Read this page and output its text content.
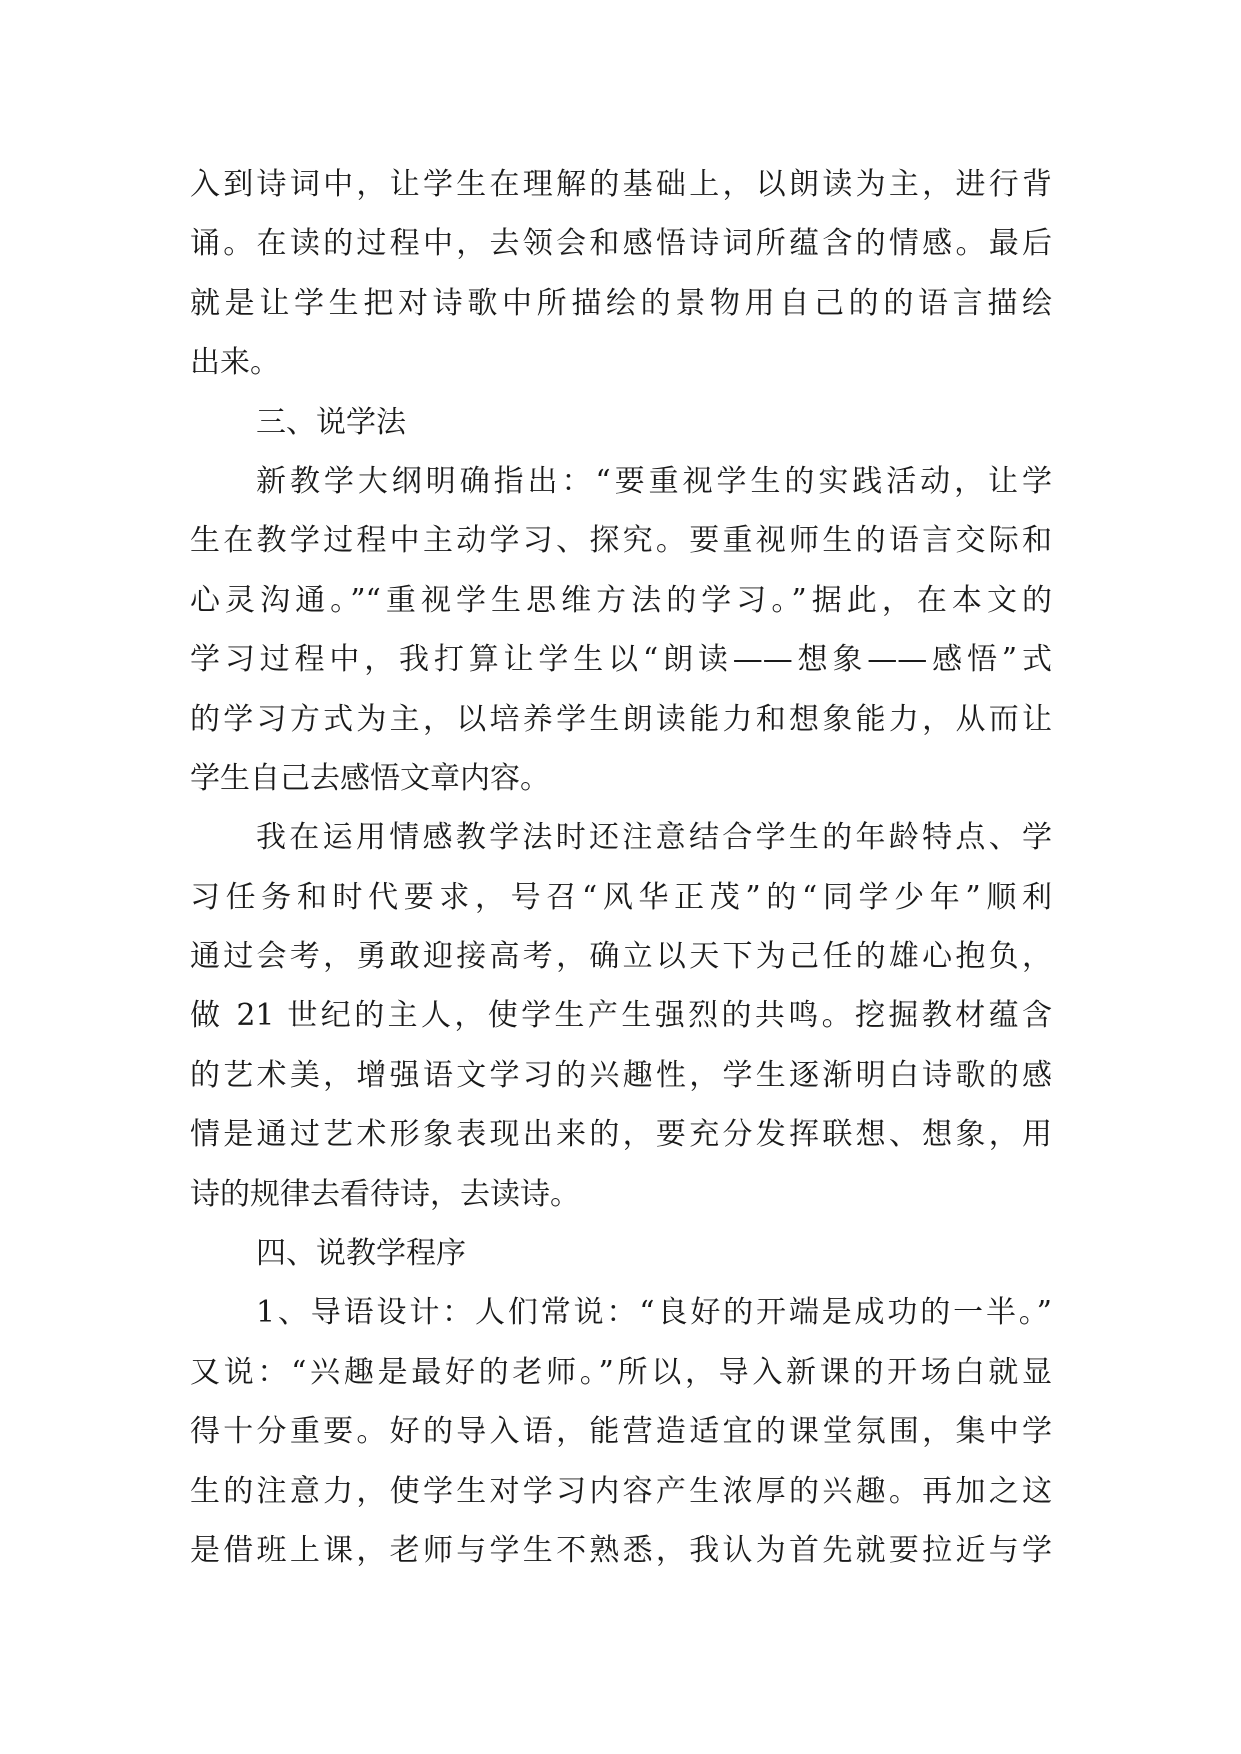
入到诗词中，让学生在理解的基础上，以朗读为主，进行背
诵。在读的过程中，去领会和感悟诗词所蕴含的情感。最后
就是让学生把对诗歌中所描绘的景物用自己的的语言描绘
出来。
三、说学法
新教学大纲明确指出：“要重视学生的实践活动，让学
生在教学过程中主动学习、探究。要重视师生的语言交际和
心灵沟通。”“重视学生思维方法的学习。”据此，在本文的
学习过程中，我打算让学生以“朗读——想象——感悟”式
的学习方式为主，以培养学生朗读能力和想象能力，从而让
学生自己去感悟文章内容。
我在运用情感教学法时还注意结合学生的年龄特点、学
习任务和时代要求，号召“风华正茂”的“同学少年”顺利
通过会考，勇敢迎接高考，确立以天下为己任的雄心抱负，
做 21 世纪的主人，使学生产生强烈的共鸣。挖掘教材蕴含
的艺术美，增强语文学习的兴趣性，学生逐渐明白诗歌的感
情是通过艺术形象表现出来的，要充分发挥联想、想象，用
诗的规律去看待诗，去读诗。
四、说教学程序
1、导语设计：人们常说：“良好的开端是成功的一半。”
又说：“兴趣是最好的老师。”所以，导入新课的开场白就显
得十分重要。好的导入语，能营造适宜的课堂氛围，集中学
生的注意力，使学生对学习内容产生浓厚的兴趣。再加之这
是借班上课，老师与学生不熟悉，我认为首先就要拉近与学
